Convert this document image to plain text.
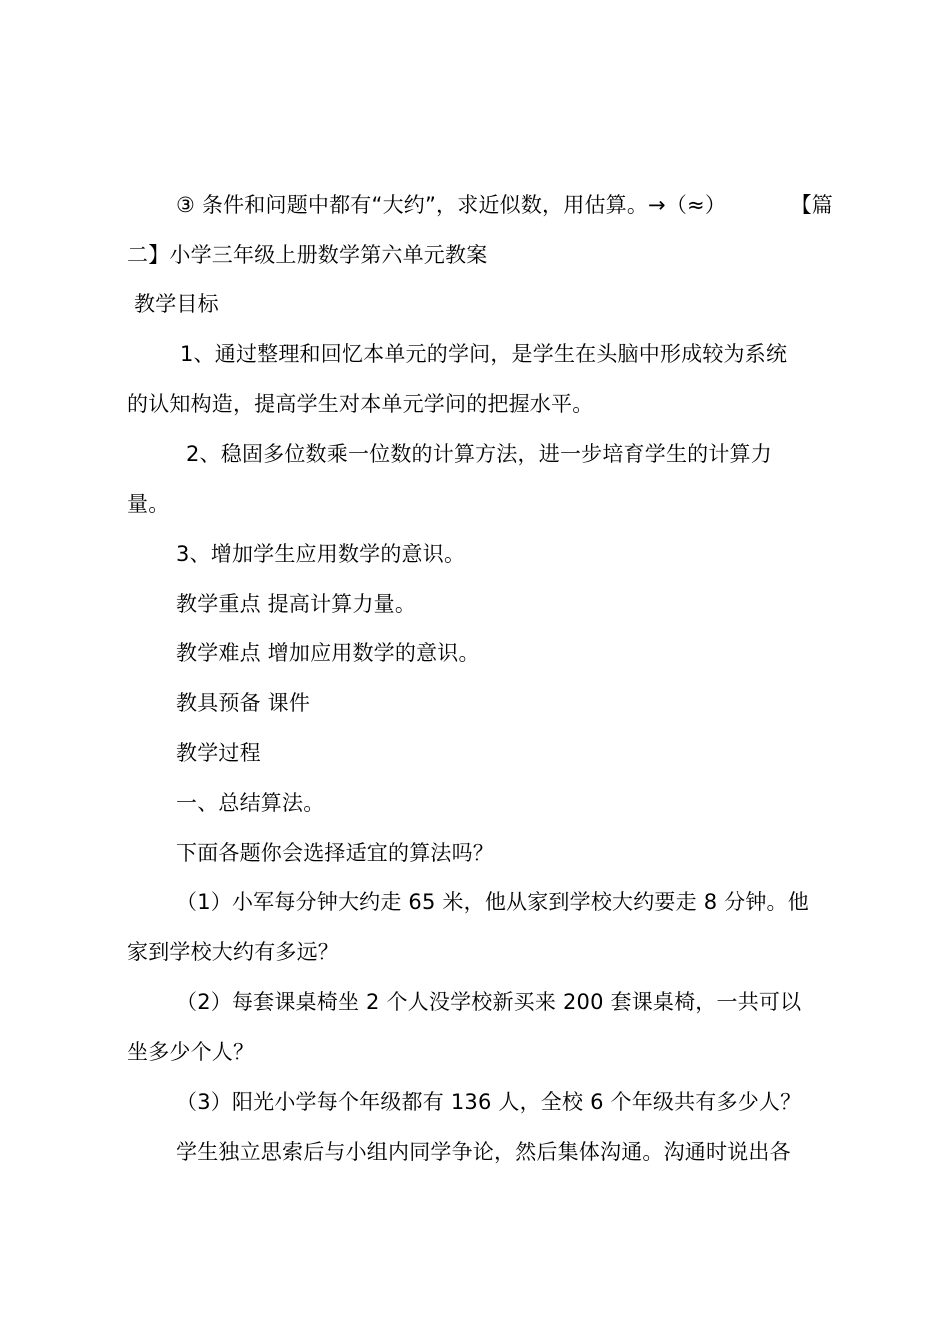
③ 条件和问题中都有“大约”，求近似数，用估算。→（≈）	【篇
二】小学三年级上册数学第六单元教案
教学目标
1、通过整理和回忆本单元的学问，是学生在头脑中形成较为系统
的认知构造，提高学生对本单元学问的把握水平。
2、稳固多位数乘一位数的计算方法，进一步培育学生的计算力
量。
3、增加学生应用数学的意识。
教学重点 提高计算力量。
教学难点 增加应用数学的意识。
教具预备 课件
教学过程
一、总结算法。
下面各题你会选择适宜的算法吗？
（1）小军每分钟大约走 65 米，他从家到学校大约要走 8 分钟。他
家到学校大约有多远？
（2）每套课桌椅坐 2 个人没学校新买来 200 套课桌椅，一共可以
坐多少个人？
（3）阳光小学每个年级都有 136 人，全校 6 个年级共有多少人？
学生独立思索后与小组内同学争论，然后集体沟通。沟通时说出各
